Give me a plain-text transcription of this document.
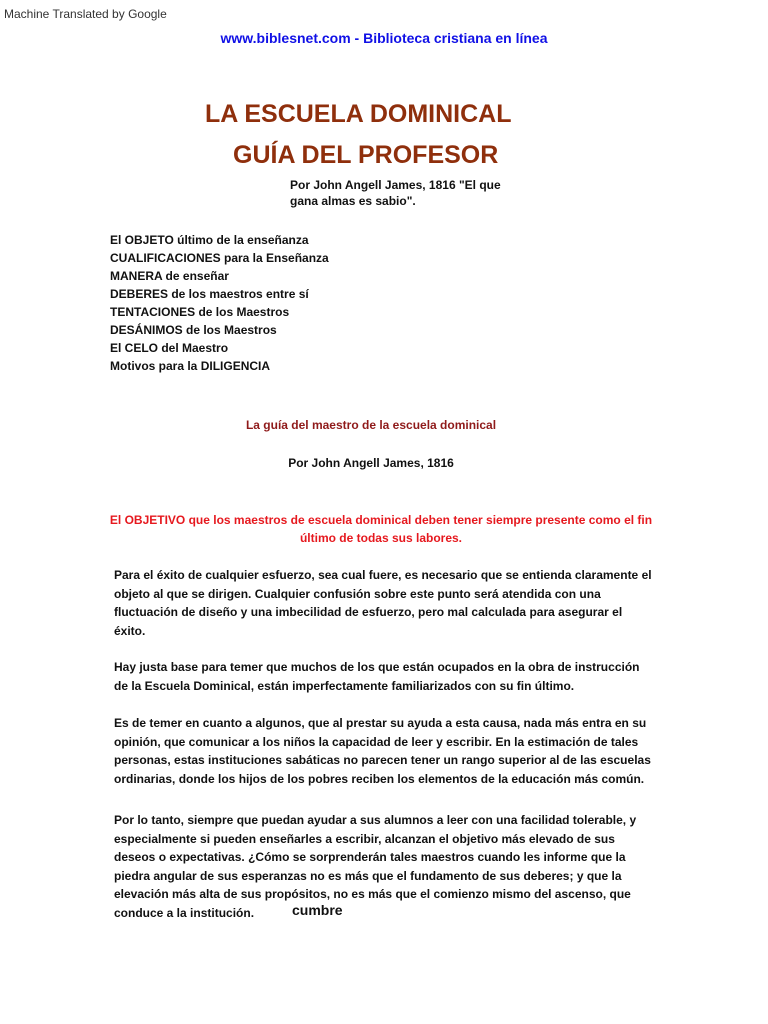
Machine Translated by Google
www.biblesnet.com - Biblioteca cristiana en línea
LA ESCUELA DOMINICAL
GUÍA DEL PROFESOR

Por John Angell James, 1816 "El que gana almas es sabio".

El OBJETO último de la enseñanza
CUALIFICACIONES para la Enseñanza
MANERA de enseñar
DEBERES de los maestros entre sí
TENTACIONES de los Maestros
DESÁNIMOS de los Maestros
El CELO del Maestro
Motivos para la DILIGENCIA

La guía del maestro de la escuela dominical

Por John Angell James, 1816

El OBJETIVO que los maestros de escuela dominical deben tener siempre presente como el fin último de todas sus labores.

Para el éxito de cualquier esfuerzo, sea cual fuere, es necesario que se entienda claramente el objeto al que se dirigen. Cualquier confusión sobre este punto será atendida con una fluctuación de diseño y una imbecilidad de esfuerzo, pero mal calculada para asegurar el éxito.

Hay justa base para temer que muchos de los que están ocupados en la obra de instrucción de la Escuela Dominical, están imperfectamente familiarizados con su fin último.

Es de temer en cuanto a algunos, que al prestar su ayuda a esta causa, nada más entra en su opinión, que comunicar a los niños la capacidad de leer y escribir. En la estimación de tales personas, estas instituciones sabáticas no parecen tener un rango superior al de las escuelas ordinarias, donde los hijos de los pobres reciben los elementos de la educación más común.

Por lo tanto, siempre que puedan ayudar a sus alumnos a leer con una facilidad tolerable, y especialmente si pueden enseñarles a escribir, alcanzan el objetivo más elevado de sus deseos o expectativas. ¿Cómo se sorprenderán tales maestros cuando les informe que la piedra angular de sus esperanzas no es más que el fundamento de sus deberes; y que la elevación más alta de sus propósitos, no es más que el comienzo mismo del ascenso, que conduce a la institución.	cumbre
